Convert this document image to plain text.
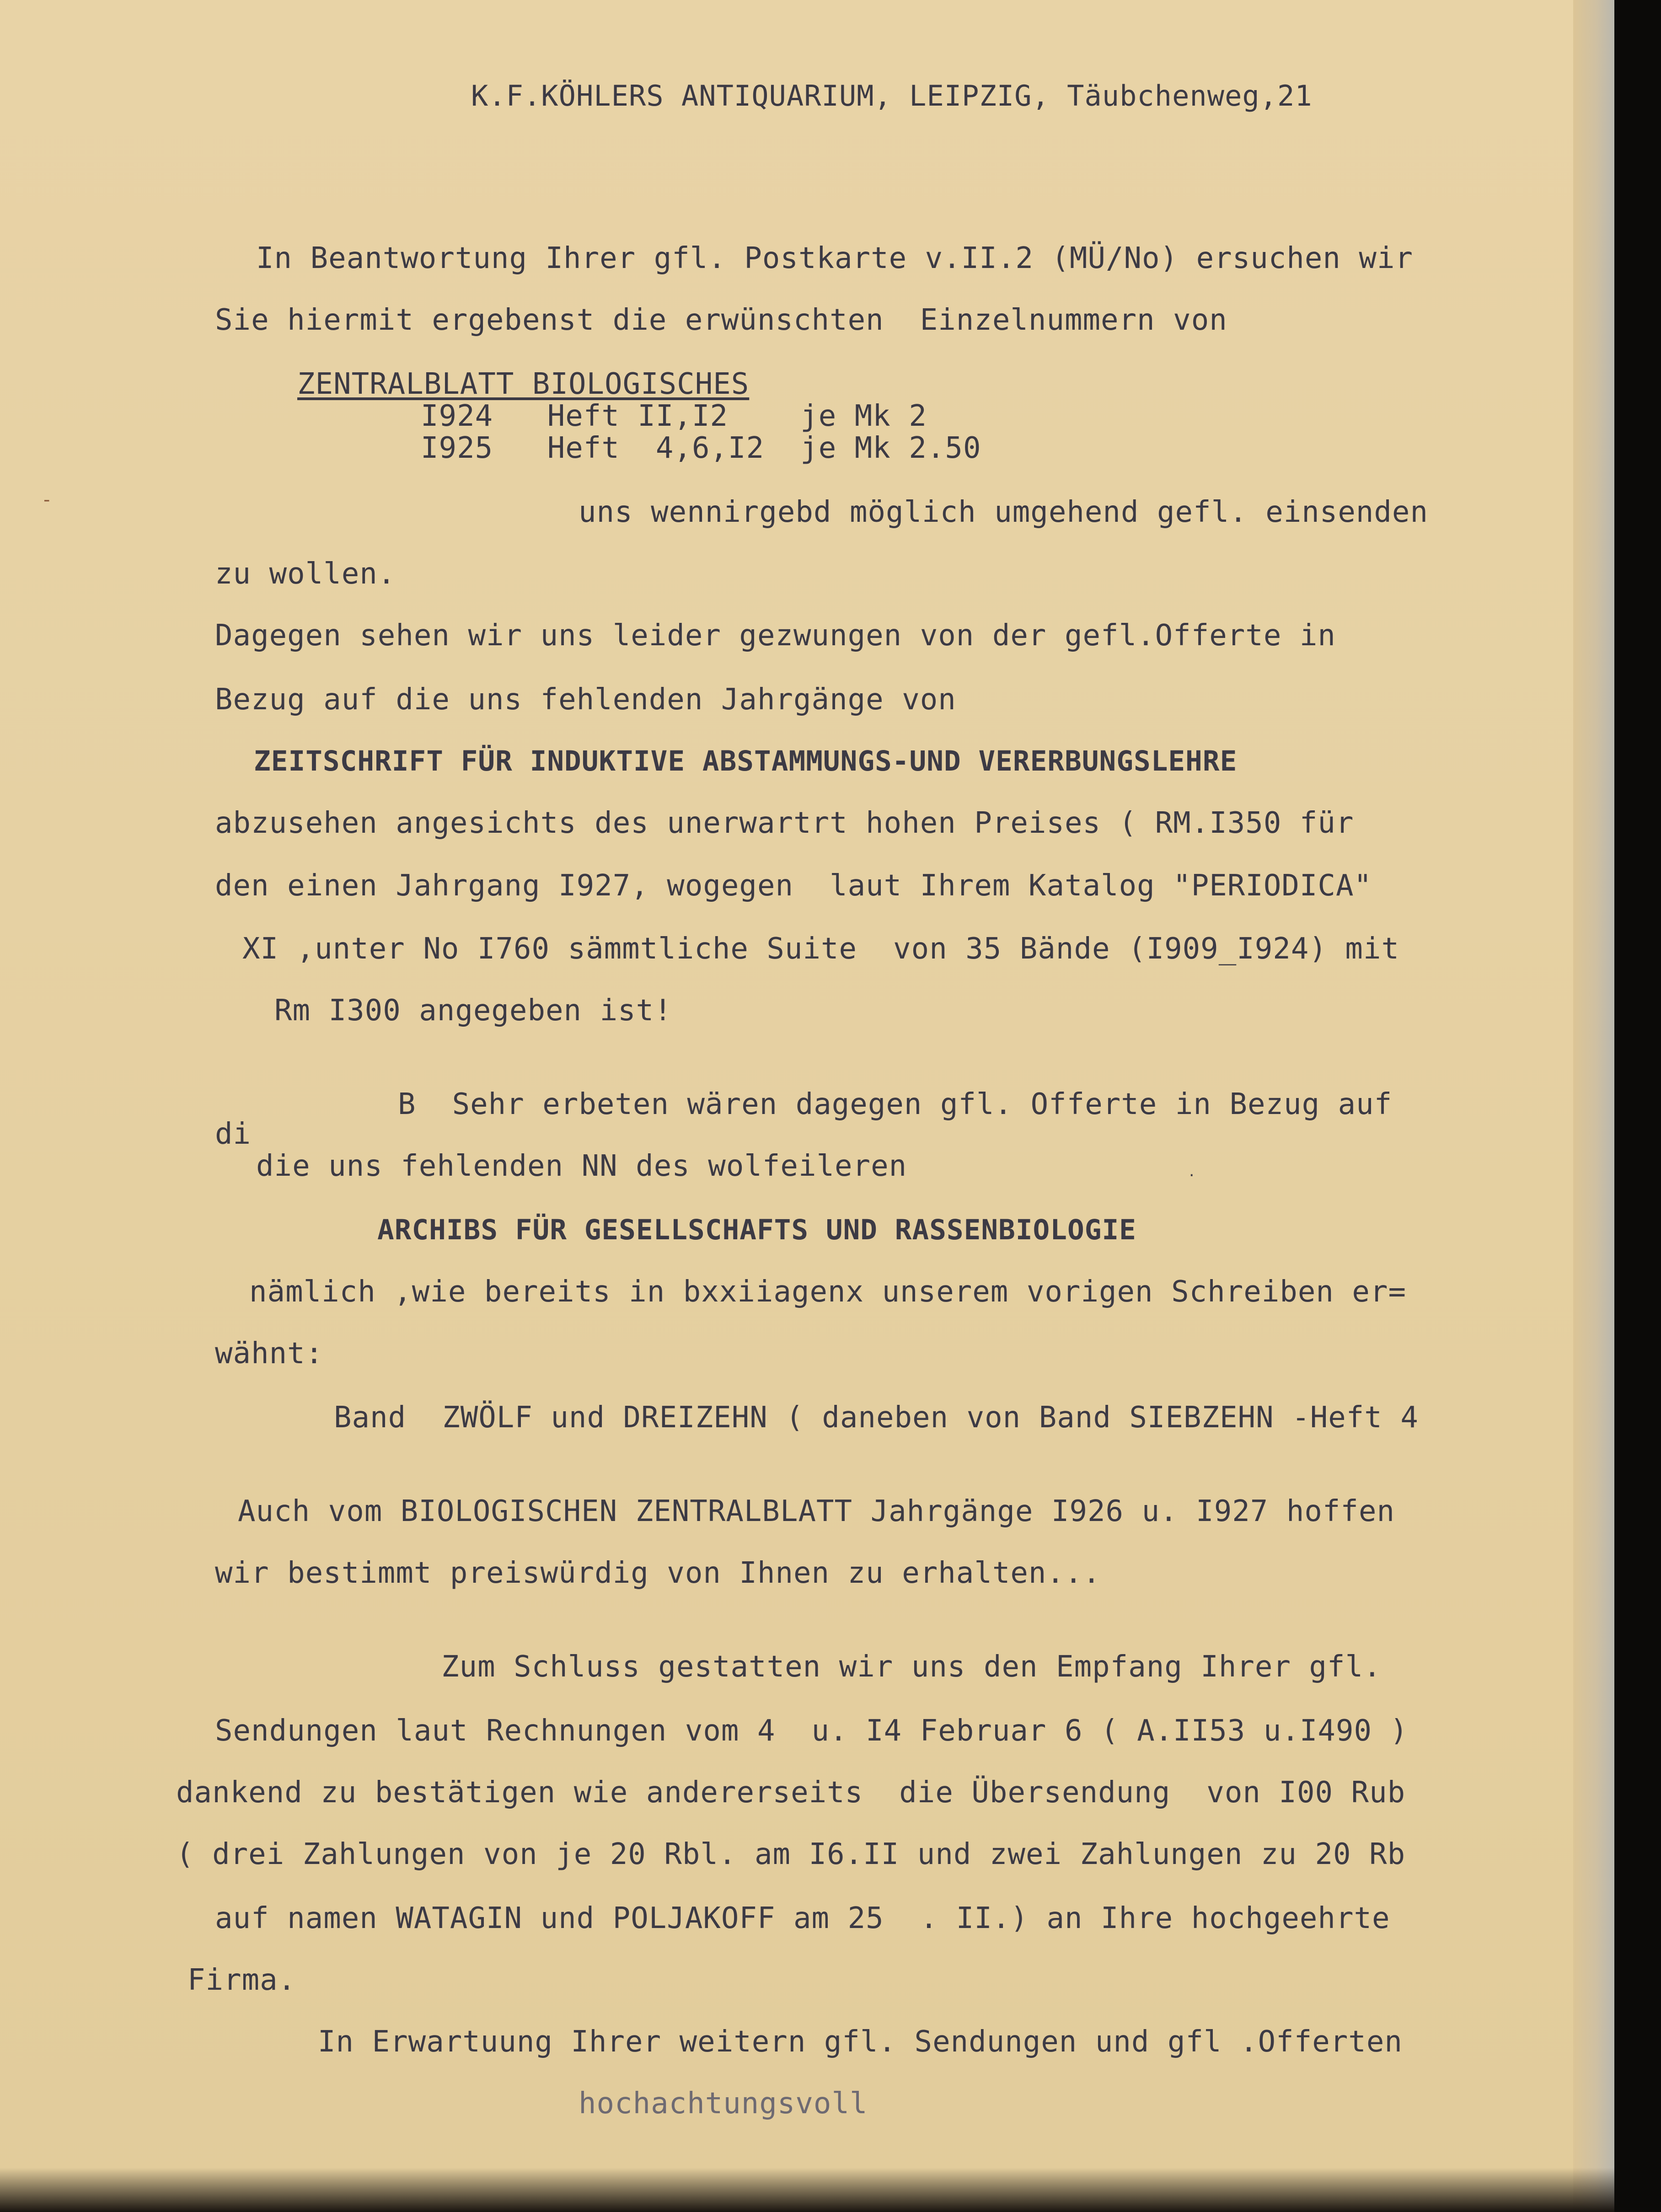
K.F.KÖHLERS ANTIQUARIUM, LEIPZIG, Täubchenweg,21
In Beantwortung Ihrer gfl. Postkarte v.II.2 (MÜ/No) ersuchen wir
Sie hiermit ergebenst die erwünschten  Einzelnummern von
ZENTRALBLATT BIOLOGISCHES
I924   Heft II,I2    je Mk 2
I925   Heft  4,6,I2  je Mk 2.50
uns wennirgebd möglich umgehend gefl. einsenden
zu wollen.
Dagegen sehen wir uns leider gezwungen von der gefl.Offerte in
Bezug auf die uns fehlenden Jahrgänge von
ZEITSCHRIFT FÜR INDUKTIVE ABSTAMMUNGS-UND VERERBUNGSLEHRE
abzusehen angesichts des unerwartrt hohen Preises ( RM.I350 für
den einen Jahrgang I927, wogegen  laut Ihrem Katalog "PERIODICA"
XI ,unter No I760 sämmtliche Suite  von 35 Bände (I909_I924) mit
Rm I300 angegeben ist!
B  Sehr erbeten wären dagegen gfl. Offerte in Bezug auf
di
die uns fehlenden NN des wolfeileren
ARCHIBS FÜR GESELLSCHAFTS UND RASSENBIOLOGIE
nämlich ,wie bereits in bxxiiagenx unserem vorigen Schreiben er=
wähnt:
Band  ZWÖLF und DREIZEHN ( daneben von Band SIEBZEHN -Heft 4
Auch vom BIOLOGISCHEN ZENTRALBLATT Jahrgänge I926 u. I927 hoffen
wir bestimmt preiswürdig von Ihnen zu erhalten...
Zum Schluss gestatten wir uns den Empfang Ihrer gfl.
Sendungen laut Rechnungen vom 4  u. I4 Februar 6 ( A.II53 u.I490 )
dankend zu bestätigen wie andererseits  die Übersendung  von I00 Rub
( drei Zahlungen von je 20 Rbl. am I6.II und zwei Zahlungen zu 20 Rb
auf namen WATAGIN und POLJAKOFF am 25  . II.) an Ihre hochgeehrte
Firma.
In Erwartuung Ihrer weitern gfl. Sendungen und gfl .Offerten
hochachtungsvoll
-
.
